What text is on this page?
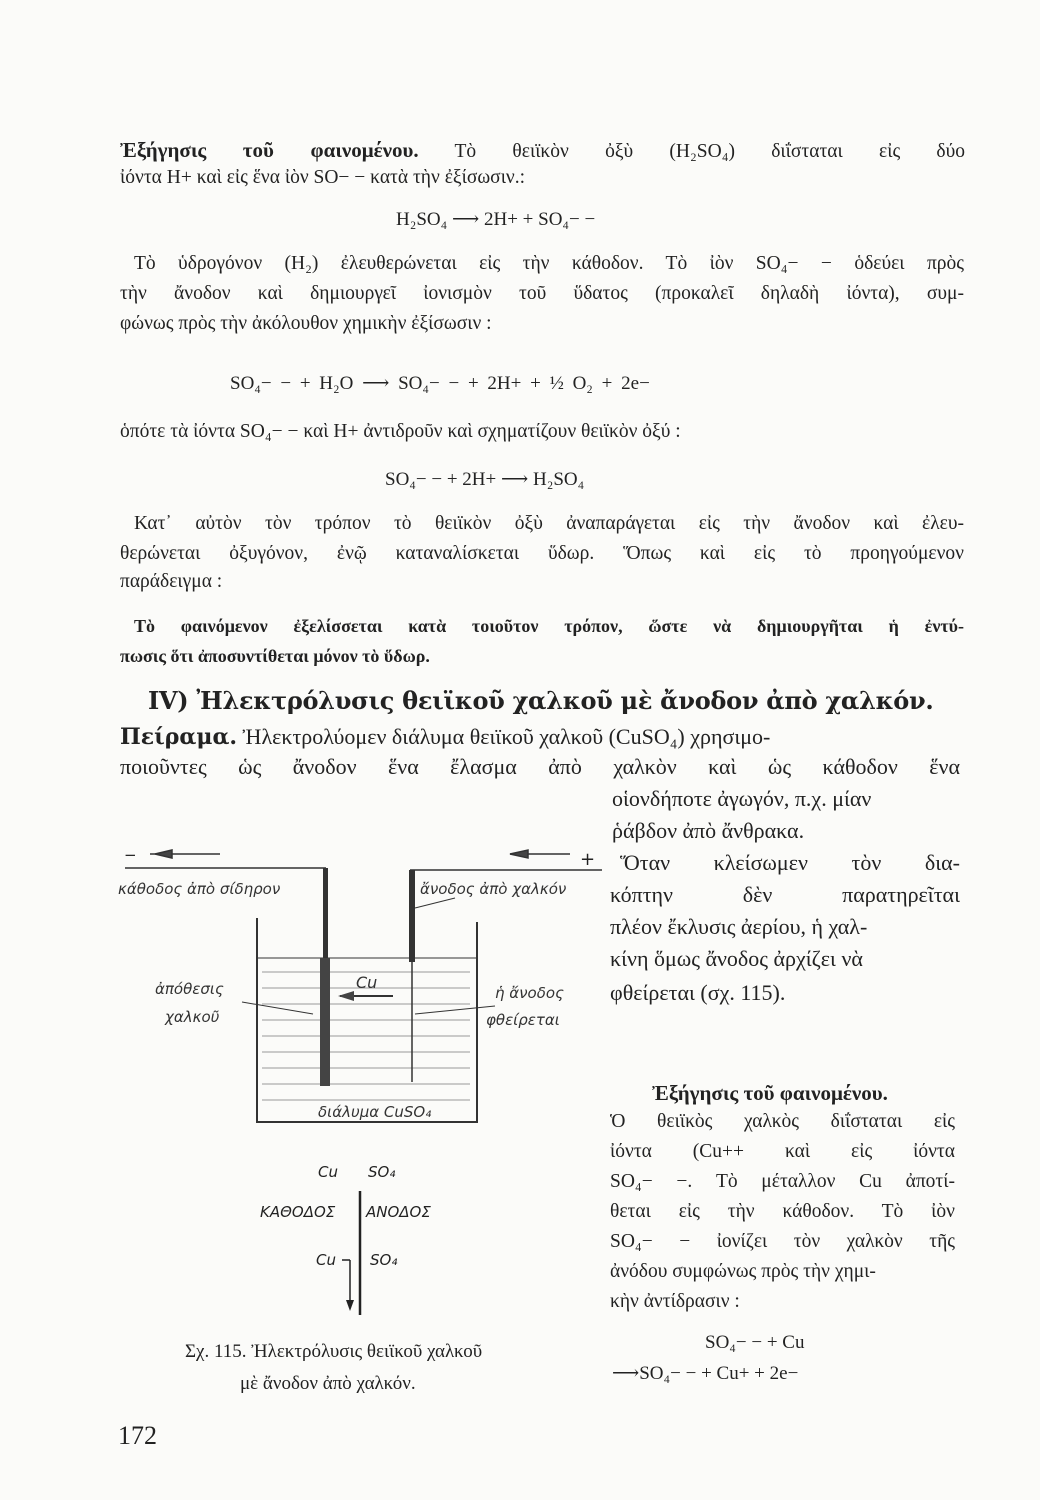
Ἐξήγησις τοῦ φαινομένου. Τὸ θειϊκὸν ὀξὺ (H₂SO₄) διΐσταται εἰς δύο
ἰόντα H+ καὶ εἰς ἕνα ἰὸν SO− − κατὰ τὴν ἐξίσωσιν.:
H₂SO₄ ⟶ 2H+ + SO₄− −
Τὸ ὑδρογόνον (H₂) ἐλευθερώνεται εἰς τὴν κάθοδον. Τὸ ἰὸν SO₄− − ὁδεύει πρὸς
τὴν ἄνοδον καὶ δημιουργεῖ ἰονισμὸν τοῦ ὕδατος (προκαλεῖ δηλαδὴ ἰόντα), συμ-
φώνως πρὸς τὴν ἀκόλουθον χημικὴν ἐξίσωσιν :
SO₄− − + H₂O ⟶ SO₄− − + 2H+ + ½ O₂ + 2e−
ὁπότε τὰ ἰόντα SO₄− − καὶ H+ ἀντιδροῦν καὶ σχηματίζουν θειϊκὸν ὀξύ :
SO₄− − + 2H+ ⟶ H₂SO₄
Κατ᾽ αὐτὸν τὸν τρόπον τὸ θειϊκὸν ὀξὺ ἀναπαράγεται εἰς τὴν ἄνοδον καὶ ἐλευ-
θερώνεται ὀξυγόνον, ἐνῷ καταναλίσκεται ὕδωρ. Ὅπως καὶ εἰς τὸ προηγούμενον
παράδειγμα :
Τὸ φαινόμενον ἐξελίσσεται κατὰ τοιοῦτον τρόπον, ὥστε νὰ δημιουργῆται ἡ ἐντύ-
πωσις ὅτι ἀποσυντίθεται μόνον τὸ ὕδωρ.
IV) Ἠλεκτρόλυσις θειϊκοῦ χαλκοῦ μὲ ἄνοδον ἀπὸ χαλκόν.
Πείραμα. Ἠλεκτρολύομεν διάλυμα θειϊκοῦ χαλκοῦ (CuSO₄) χρησιμο-
ποιοῦντες ὡς ἄνοδον ἕνα ἔλασμα ἀπὸ χαλκὸν καὶ ὡς κάθοδον ἕνα
οἱονδήποτε ἀγωγόν, π.χ. μίαν
ῥάβδον ἀπὸ ἄνθρακα.
Ὅταν κλείσωμεν τὸν δια-
κόπτην δὲν παρατηρεῖται
πλέον ἔκλυσις ἀερίου, ἡ χαλ-
κίνη ὅμως ἄνοδος ἀρχίζει νὰ
φθείρεται (σχ. 115).
−	+
κάθοδος ἀπὸ σίδηρον	ἄνοδος ἀπὸ χαλκόν
ἀπόθεσις
χαλκοῦ
Cu
ἡ ἄνοδος
φθείρεται
διάλυμα CuSO₄
Cu SO₄
ΚΑΘΟΔΟΣ ΑΝΟΔΟΣ
Cu SO₄
Σχ. 115. Ἠλεκτρόλυσις θειϊκοῦ χαλκοῦ
μὲ ἄνοδον ἀπὸ χαλκόν.
Ἐξήγησις τοῦ φαινομένου.
Ὁ θειϊκὸς χαλκὸς διΐσταται εἰς
ἰόντα (Cu++ καὶ εἰς ἰόντα
SO₄− −. Τὸ μέταλλον Cu ἀποτί-
θεται εἰς τὴν κάθοδον. Τὸ ἰὸν
SO₄− − ἰονίζει τὸν χαλκὸν τῆς
ἀνόδου συμφώνως πρὸς τὴν χημι-
κὴν ἀντίδρασιν :
SO₄− − + Cu
⟶SO₄− − + Cu+ + 2e−
172
